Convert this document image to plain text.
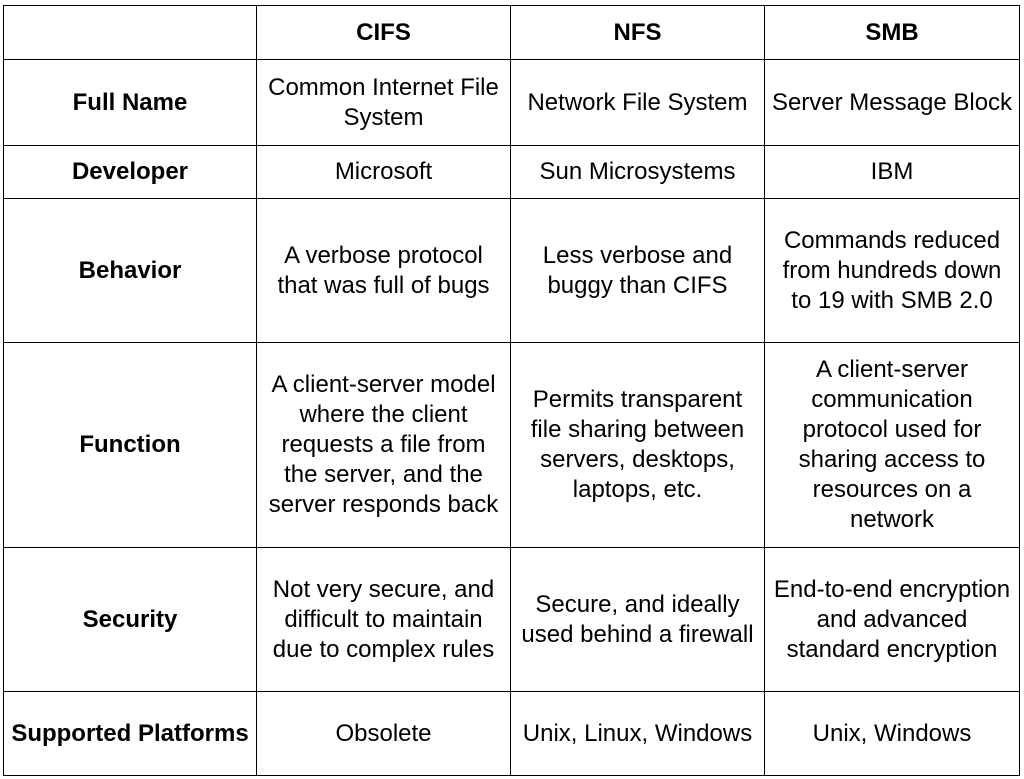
	CIFS	NFS	SMB
Full Name	Common Internet File System	Network File System	Server Message Block
Developer	Microsoft	Sun Microsystems	IBM
Behavior	A verbose protocol that was full of bugs	Less verbose and buggy than CIFS	Commands reduced from hundreds down to 19 with SMB 2.0
Function	A client-server model where the client requests a file from the server, and the server responds back	Permits transparent file sharing between servers, desktops, laptops, etc.	A client-server communication protocol used for sharing access to resources on a network
Security	Not very secure, and difficult to maintain due to complex rules	Secure, and ideally used behind a firewall	End-to-end encryption and advanced standard encryption
Supported Platforms	Obsolete	Unix, Linux, Windows	Unix, Windows
